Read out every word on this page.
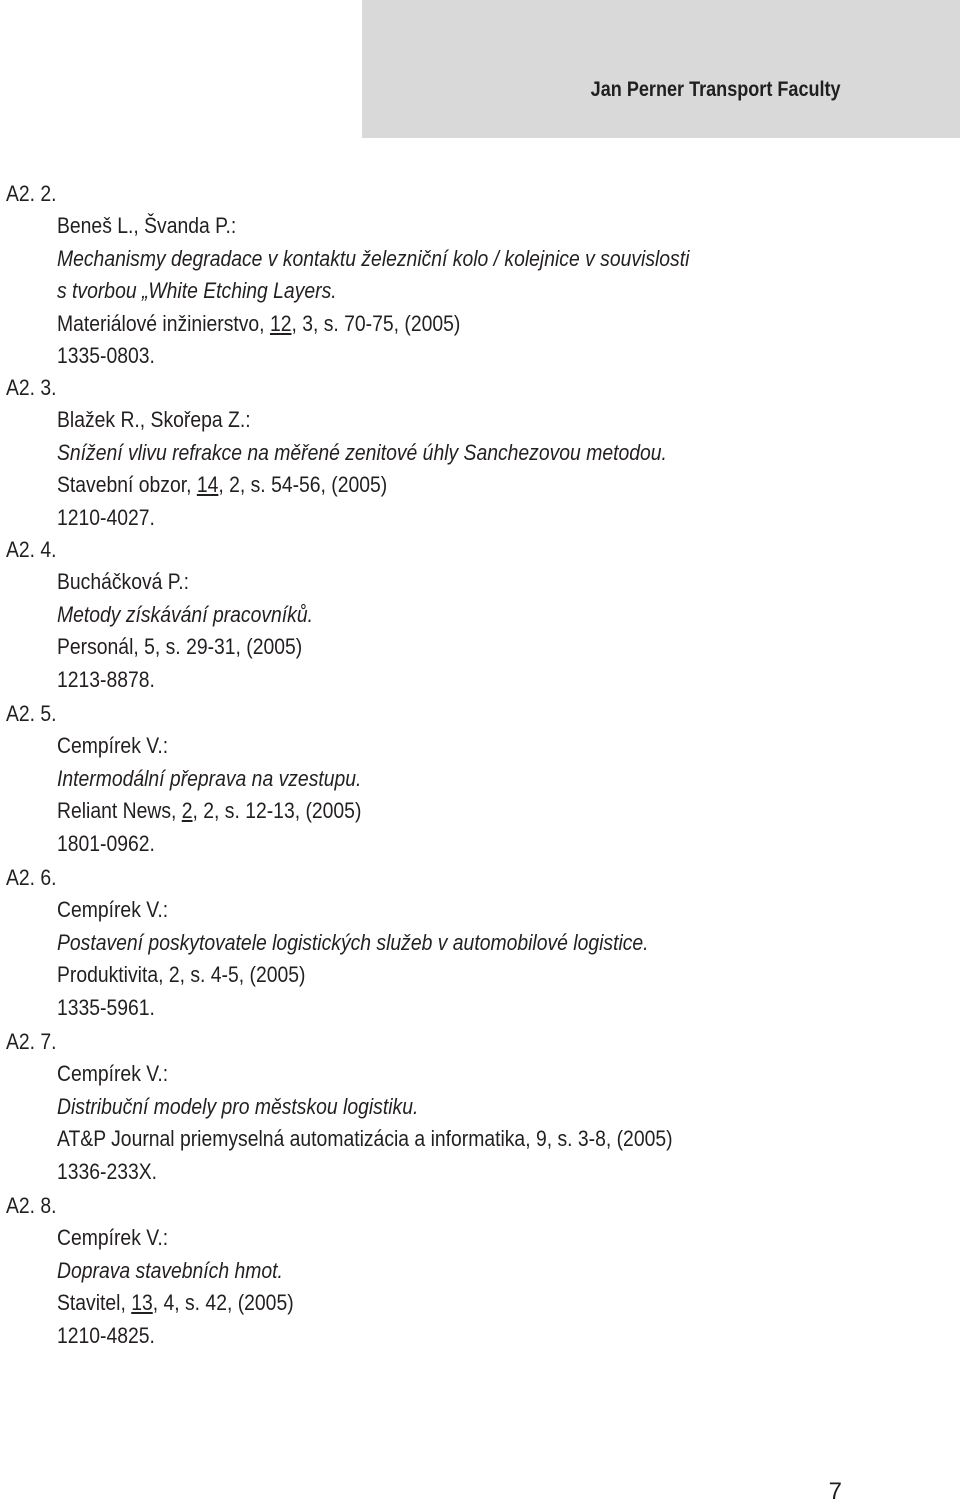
Jan Perner Transport Faculty
A2. 2.
Beneš L., Švanda P.:
Mechanismy degradace v kontaktu železniční kolo / kolejnice v souvislosti
s tvorbou „White Etching Layers.
Materiálové inžinierstvo, 12, 3, s. 70-75, (2005)
1335-0803.
A2. 3.
Blažek R., Skořepa Z.:
Snížení vlivu refrakce na měřené zenitové úhly Sanchezovou metodou.
Stavební obzor, 14, 2, s. 54-56, (2005)
1210-4027.
A2. 4.
Bucháčková P.:
Metody získávání pracovníků.
Personál, 5, s. 29-31, (2005)
1213-8878.
A2. 5.
Cempírek V.:
Intermodální přeprava na vzestupu.
Reliant News, 2, 2, s. 12-13, (2005)
1801-0962.
A2. 6.
Cempírek V.:
Postavení poskytovatele logistických služeb v automobilové logistice.
Produktivita, 2, s. 4-5, (2005)
1335-5961.
A2. 7.
Cempírek V.:
Distribuční modely pro městskou logistiku.
AT&P Journal priemyselná automatizácia a informatika, 9, s. 3-8, (2005)
1336-233X.
A2. 8.
Cempírek V.:
Doprava stavebních hmot.
Stavitel, 13, 4, s. 42, (2005)
1210-4825.
7
